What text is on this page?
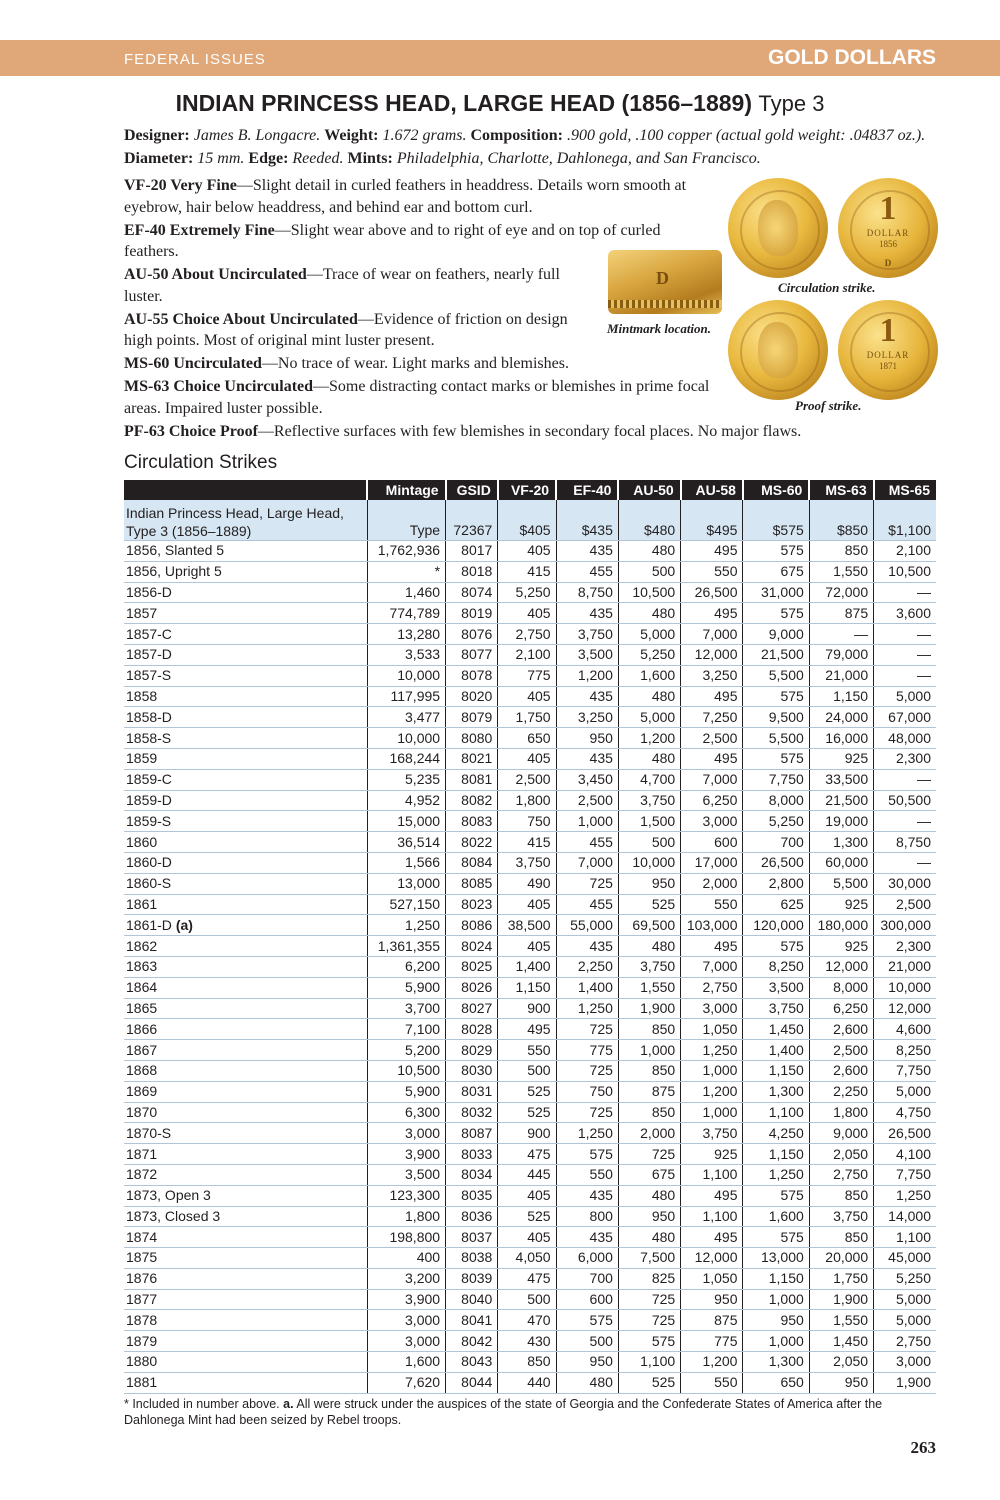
FEDERAL ISSUES	GOLD DOLLARS
INDIAN PRINCESS HEAD, LARGE HEAD (1856–1889) Type 3
Designer: James B. Longacre. Weight: 1.672 grams. Composition: .900 gold, .100 copper (actual gold weight: .04837 oz.). Diameter: 15 mm. Edge: Reeded. Mints: Philadelphia, Charlotte, Dahlonega, and San Francisco.

VF-20 Very Fine—Slight detail in curled feathers in headdress. Details worn smooth at eyebrow, hair below headdress, and behind ear and bottom curl.

EF-40 Extremely Fine—Slight wear above and to right of eye and on top of curled feathers.

AU-50 About Uncirculated—Trace of wear on feathers, nearly full luster.

AU-55 Choice About Uncirculated—Evidence of friction on design high points. Most of original mint luster present.

MS-60 Uncirculated—No trace of wear. Light marks and blemishes.

MS-63 Choice Uncirculated—Some distracting contact marks or blemishes in prime focal areas. Impaired luster possible.

PF-63 Choice Proof—Reflective surfaces with few blemishes in secondary focal places. No major flaws.

1
DOLLAR
1856
D
Circulation strike.
D
Mintmark location.	1
DOLLAR
1871
Proof strike.
Circulation Strikes
	Mintage	GSID	VF-20	EF-40	AU-50	AU-58	MS-60	MS-63	MS-65
Indian Princess Head, Large Head, Type 3 (1856–1889)	Type	72367	$405	$435	$480	$495	$575	$850	$1,100
1856, Slanted 5	1,762,936	8017	405	435	480	495	575	850	2,100
1856, Upright 5	*	8018	415	455	500	550	675	1,550	10,500
1856-D	1,460	8074	5,250	8,750	10,500	26,500	31,000	72,000	—
1857	774,789	8019	405	435	480	495	575	875	3,600
1857-C	13,280	8076	2,750	3,750	5,000	7,000	9,000	—	—
1857-D	3,533	8077	2,100	3,500	5,250	12,000	21,500	79,000	—
1857-S	10,000	8078	775	1,200	1,600	3,250	5,500	21,000	—
1858	117,995	8020	405	435	480	495	575	1,150	5,000
1858-D	3,477	8079	1,750	3,250	5,000	7,250	9,500	24,000	67,000
1858-S	10,000	8080	650	950	1,200	2,500	5,500	16,000	48,000
1859	168,244	8021	405	435	480	495	575	925	2,300
1859-C	5,235	8081	2,500	3,450	4,700	7,000	7,750	33,500	—
1859-D	4,952	8082	1,800	2,500	3,750	6,250	8,000	21,500	50,500
1859-S	15,000	8083	750	1,000	1,500	3,000	5,250	19,000	—
1860	36,514	8022	415	455	500	600	700	1,300	8,750
1860-D	1,566	8084	3,750	7,000	10,000	17,000	26,500	60,000	—
1860-S	13,000	8085	490	725	950	2,000	2,800	5,500	30,000
1861	527,150	8023	405	455	525	550	625	925	2,500
1861-D (a)	1,250	8086	38,500	55,000	69,500	103,000	120,000	180,000	300,000
1862	1,361,355	8024	405	435	480	495	575	925	2,300
1863	6,200	8025	1,400	2,250	3,750	7,000	8,250	12,000	21,000
1864	5,900	8026	1,150	1,400	1,550	2,750	3,500	8,000	10,000
1865	3,700	8027	900	1,250	1,900	3,000	3,750	6,250	12,000
1866	7,100	8028	495	725	850	1,050	1,450	2,600	4,600
1867	5,200	8029	550	775	1,000	1,250	1,400	2,500	8,250
1868	10,500	8030	500	725	850	1,000	1,150	2,600	7,750
1869	5,900	8031	525	750	875	1,200	1,300	2,250	5,000
1870	6,300	8032	525	725	850	1,000	1,100	1,800	4,750
1870-S	3,000	8087	900	1,250	2,000	3,750	4,250	9,000	26,500
1871	3,900	8033	475	575	725	925	1,150	2,050	4,100
1872	3,500	8034	445	550	675	1,100	1,250	2,750	7,750
1873, Open 3	123,300	8035	405	435	480	495	575	850	1,250
1873, Closed 3	1,800	8036	525	800	950	1,100	1,600	3,750	14,000
1874	198,800	8037	405	435	480	495	575	850	1,100
1875	400	8038	4,050	6,000	7,500	12,000	13,000	20,000	45,000
1876	3,200	8039	475	700	825	1,050	1,150	1,750	5,250
1877	3,900	8040	500	600	725	950	1,000	1,900	5,000
1878	3,000	8041	470	575	725	875	950	1,550	5,000
1879	3,000	8042	430	500	575	775	1,000	1,450	2,750
1880	1,600	8043	850	950	1,100	1,200	1,300	2,050	3,000
1881	7,620	8044	440	480	525	550	650	950	1,900
* Included in number above. a. All were struck under the auspices of the state of Georgia and the Confederate States of America after the Dahlonega Mint had been seized by Rebel troops.
263
